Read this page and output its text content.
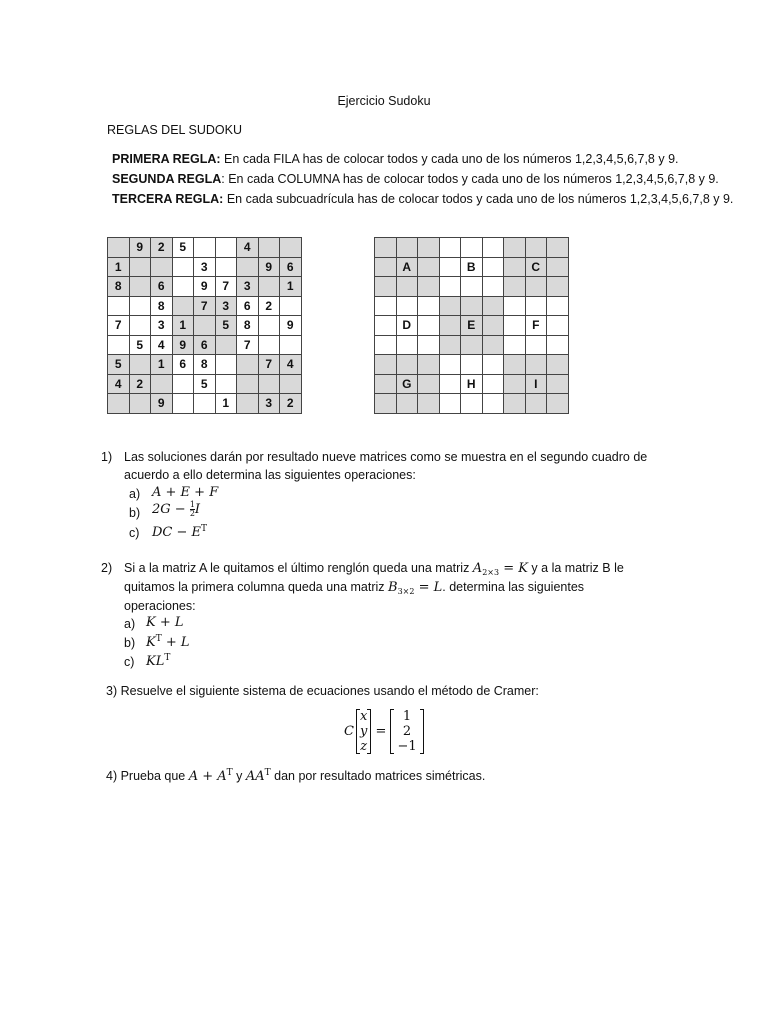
Ejercicio Sudoku
REGLAS DEL SUDOKU
PRIMERA REGLA: En cada FILA has de colocar todos y cada uno de los números 1,2,3,4,5,6,7,8 y 9.
SEGUNDA REGLA: En cada COLUMNA has de colocar todos y cada uno de los números 1,2,3,4,5,6,7,8 y 9.
TERCERA REGLA: En cada subcuadrícula has de colocar todos y cada uno de los números 1,2,3,4,5,6,7,8 y 9.
	9	2	5			4		
1				3			9	6
8		6		9	7	3		1
		8		7	3	6	2	
7		3	1		5	8		9
	5	4	9	6		7		
5		1	6	8			7	4
4	2			5				
		9			1		3	2

	A			B			C	

	D			E			F	

	G			H			I	

1) Las soluciones darán por resultado nueve matrices como se muestra en el segundo cuadro de
acuerdo a ello determina las siguientes operaciones:
a) A + E + F
b) $2G - \frac{1}{2}$ I
c) DC − $E^T$
2) Si a la matriz A le quitamos el último renglón queda una matriz $A_{2\times 3} = K$ y a la matriz B le
quitamos la primera columna queda una matriz $B_{3\times 2} = L$. determina las siguientes
operaciones:
a) K + L
b) $K^T + L$
c) $KL^T$
3) Resuelve el siguiente sistema de ecuaciones usando el método de Cramer:
C
x
y
z
=
1
2
−1
4) Prueba que $A + A^T$ y $AA^T$ dan por resultado matrices simétricas.
